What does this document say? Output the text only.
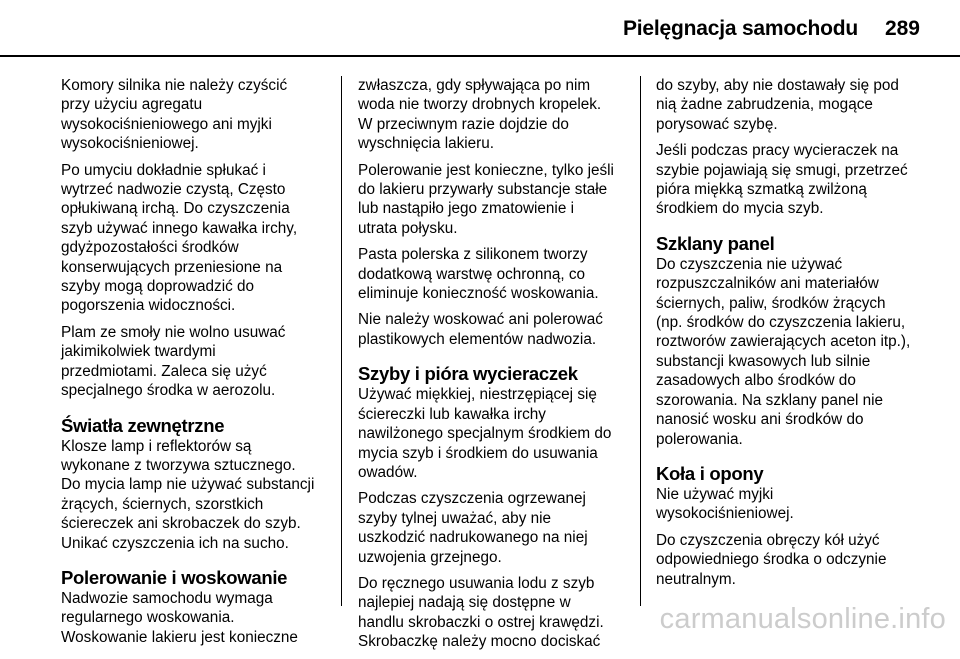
Pielęgnacja samochodu 289

Komory silnika nie należy czyścić
przy użyciu agregatu
wysokociśnieniowego ani myjki
wysokociśnieniowej.

Po umyciu dokładnie spłukać i
wytrzeć nadwozie czystą, Często
opłukiwaną irchą. Do czyszczenia
szyb używać innego kawałka irchy,
gdyżpozostałości środków
konserwujących przeniesione na
szyby mogą doprowadzić do
pogorszenia widoczności.

Plam ze smoły nie wolno usuwać
jakimikolwiek twardymi
przedmiotami. Zaleca się użyć
specjalnego środka w aerozolu.

Światła zewnętrzne

Klosze lamp i reflektorów są
wykonane z tworzywa sztucznego.
Do mycia lamp nie używać substancji
żrących, ściernych, szorstkich
ściereczek ani skrobaczek do szyb.
Unikać czyszczenia ich na sucho.

Polerowanie i woskowanie

Nadwozie samochodu wymaga
regularnego woskowania.
Woskowanie lakieru jest konieczne

zwłaszcza, gdy spływająca po nim
woda nie tworzy drobnych kropelek.
W przeciwnym razie dojdzie do
wyschnięcia lakieru.

Polerowanie jest konieczne, tylko jeśli
do lakieru przywarły substancje stałe
lub nastąpiło jego zmatowienie i
utrata połysku.

Pasta polerska z silikonem tworzy
dodatkową warstwę ochronną, co
eliminuje konieczność woskowania.

Nie należy woskować ani polerować
plastikowych elementów nadwozia.

Szyby i pióra wycieraczek

Używać miękkiej, niestrzępiącej się
ściereczki lub kawałka irchy
nawilżonego specjalnym środkiem do
mycia szyb i środkiem do usuwania
owadów.

Podczas czyszczenia ogrzewanej
szyby tylnej uważać, aby nie
uszkodzić nadrukowanego na niej
uzwojenia grzejnego.

Do ręcznego usuwania lodu z szyb
najlepiej nadają się dostępne w
handlu skrobaczki o ostrej krawędzi.
Skrobaczkę należy mocno dociskać

do szyby, aby nie dostawały się pod
nią żadne zabrudzenia, mogące
porysować szybę.

Jeśli podczas pracy wycieraczek na
szybie pojawiają się smugi, przetrzeć
pióra miękką szmatką zwilżoną
środkiem do mycia szyb.

Szklany panel

Do czyszczenia nie używać
rozpuszczalników ani materiałów
ściernych, paliw, środków żrących
(np. środków do czyszczenia lakieru,
roztworów zawierających aceton itp.),
substancji kwasowych lub silnie
zasadowych albo środków do
szorowania. Na szklany panel nie
nanosić wosku ani środków do
polerowania.

Koła i opony

Nie używać myjki
wysokociśnieniowej.

Do czyszczenia obręczy kół użyć
odpowiedniego środka o odczynie
neutralnym.

carmanualsonline.info
